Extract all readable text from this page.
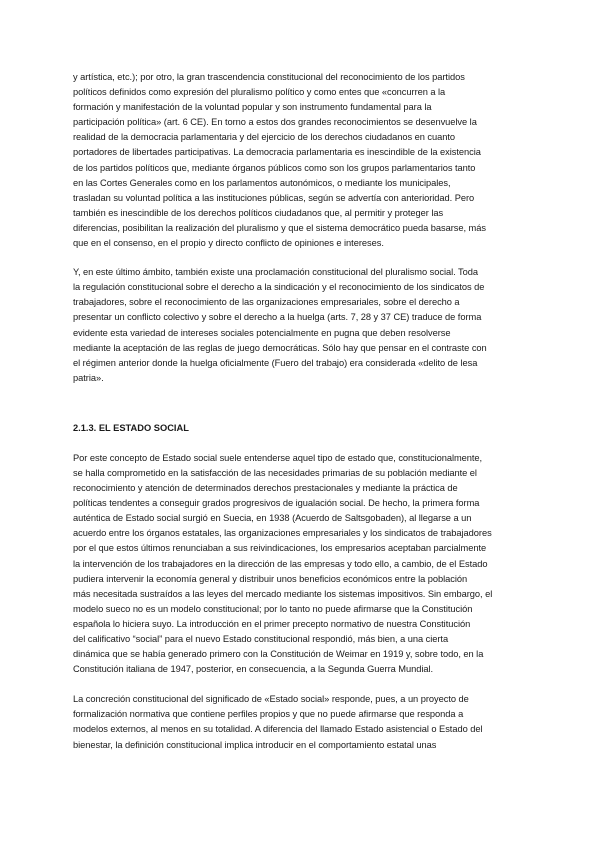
y artística, etc.); por otro, la gran trascendencia constitucional del reconocimiento de los partidos
políticos definidos como expresión del pluralismo político y como entes que «concurren a la
formación y manifestación de la voluntad popular y son instrumento fundamental para la
participación política» (art. 6 CE). En torno a estos dos grandes reconocimientos se desenvuelve la
realidad de la democracia parlamentaria y del ejercicio de los derechos ciudadanos en cuanto
portadores de libertades participativas. La democracia parlamentaria es inescindible de la existencia
de los partidos políticos que, mediante órganos públicos como son los grupos parlamentarios tanto
en las Cortes Generales como en los parlamentos autonómicos, o mediante los municipales,
trasladan su voluntad política a las instituciones públicas, según se advertía con anterioridad. Pero
también es inescindible de los derechos políticos ciudadanos que, al permitir y proteger las
diferencias, posibilitan la realización del pluralismo y que el sistema democrático pueda basarse, más
que en el consenso, en el propio y directo conflicto de opiniones e intereses.

Y, en este último ámbito, también existe una proclamación constitucional del pluralismo social. Toda
la regulación constitucional sobre el derecho a la sindicación y el reconocimiento de los sindicatos de
trabajadores, sobre el reconocimiento de las organizaciones empresariales, sobre el derecho a
presentar un conflicto colectivo y sobre el derecho a la huelga (arts. 7, 28 y 37 CE) traduce de forma
evidente esta variedad de intereses sociales potencialmente en pugna que deben resolverse
mediante la aceptación de las reglas de juego democráticas. Sólo hay que pensar en el contraste con
el régimen anterior donde la huelga oficialmente (Fuero del trabajo) era considerada «delito de lesa
patria».

2.1.3. EL ESTADO SOCIAL

Por este concepto de Estado social suele entenderse aquel tipo de estado que, constitucionalmente,
se halla comprometido en la satisfacción de las necesidades primarias de su población mediante el
reconocimiento y atención de determinados derechos prestacionales y mediante la práctica de
políticas tendentes a conseguir grados progresivos de igualación social. De hecho, la primera forma
auténtica de Estado social surgió en Suecia, en 1938 (Acuerdo de Saltsgobaden), al llegarse a un
acuerdo entre los órganos estatales, las organizaciones empresariales y los sindicatos de trabajadores
por el que estos últimos renunciaban a sus reivindicaciones, los empresarios aceptaban parcialmente
la intervención de los trabajadores en la dirección de las empresas y todo ello, a cambio, de el Estado
pudiera intervenir la economía general y distribuir unos beneficios económicos entre la población
más necesitada sustraídos a las leyes del mercado mediante los sistemas impositivos. Sin embargo, el
modelo sueco no es un modelo constitucional; por lo tanto no puede afirmarse que la Constitución
española lo hiciera suyo. La introducción en el primer precepto normativo de nuestra Constitución
del calificativo “social” para el nuevo Estado constitucional respondió, más bien, a una cierta
dinámica que se había generado primero con la Constitución de Weimar en 1919 y, sobre todo, en la
Constitución italiana de 1947, posterior, en consecuencia, a la Segunda Guerra Mundial.

La concreción constitucional del significado de «Estado social» responde, pues, a un proyecto de
formalización normativa que contiene perfiles propios y que no puede afirmarse que responda a
modelos externos, al menos en su totalidad. A diferencia del llamado Estado asistencial o Estado del
bienestar, la definición constitucional implica introducir en el comportamiento estatal unas
